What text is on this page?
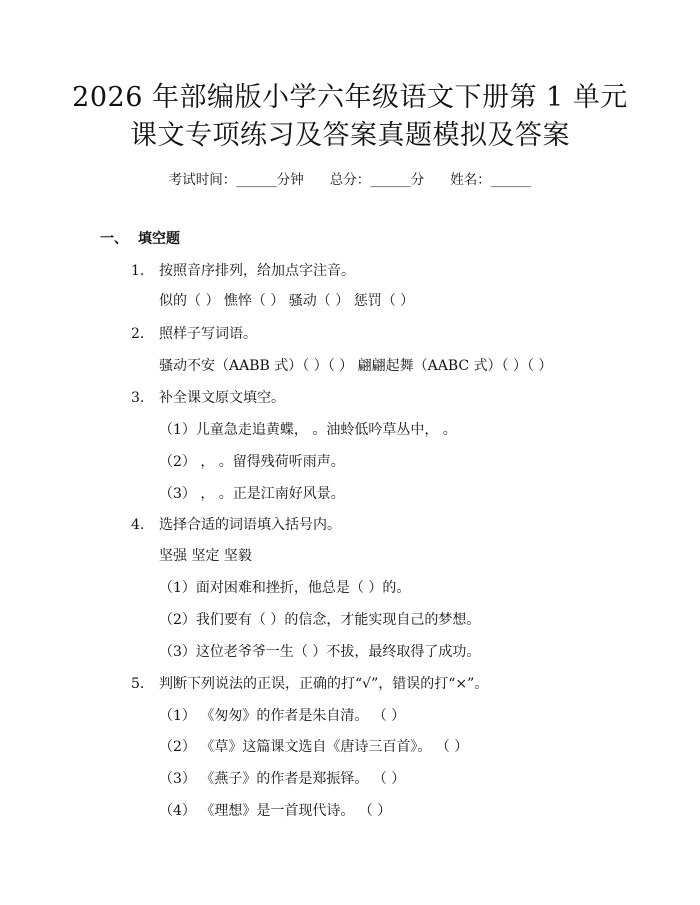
2026 年部编版小学六年级语文下册第 1 单元
课文专项练习及答案真题模拟及答案
考试时间：______分钟 总分：______分 姓名：______
一、 填空题
1. 按照音序排列，给加点字注音。
似的（ ） 憔悴（ ） 骚动（ ） 惩罚（ ）
2. 照样子写词语。
骚动不安（AABB 式）（ ）（ ） 翩翩起舞（AABC 式）（ ）（ ）
3. 补全课文原文填空。
（1）儿童急走追黄蝶， 。油蛉低吟草丛中， 。
（2） ， 。留得残荷听雨声。
（3） ， 。正是江南好风景。
4. 选择合适的词语填入括号内。
坚强 坚定 坚毅
（1）面对困难和挫折，他总是（ ）的。
（2）我们要有（ ）的信念，才能实现自己的梦想。
（3）这位老爷爷一生（ ）不拔，最终取得了成功。
5. 判断下列说法的正误，正确的打“√”，错误的打“×”。
（1） 《匆匆》的作者是朱自清。 （ ）
（2） 《草》这篇课文选自《唐诗三百首》。 （ ）
（3） 《燕子》的作者是郑振铎。 （ ）
（4） 《理想》是一首现代诗。 （ ）
